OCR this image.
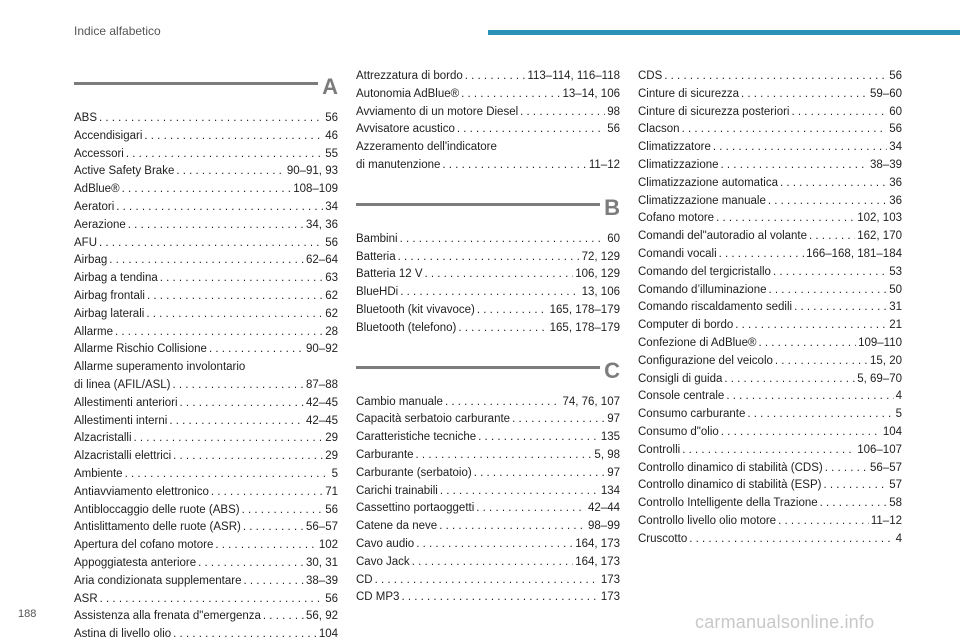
Indice alfabetico
A
ABS . . .	56
Accendisigari . . .	46
Accessori . . .	55
Active Safety Brake . . .	90–91, 93
AdBlue® . . .	108–109
Aeratori . . .	34
Aerazione . . .	34, 36
AFU . . .	56
Airbag . . .	62–64
Airbag a tendina . . .	63
Airbag frontali . . .	62
Airbag laterali . . .	62
Allarme . . .	28
Allarme Rischio Collisione . . .	90–92
Allarme superamento involontario
di linea (AFIL/ASL) . . .	87–88
Allestimenti anteriori . . .	42–45
Allestimenti interni . . .	42–45
Alzacristalli . . .	29
Alzacristalli elettrici . . .	29
Ambiente . . .	5
Antiavviamento elettronico . . .	71
Antibloccaggio delle ruote (ABS) . . .	56
Antislittamento delle ruote (ASR) . . .	56–57
Apertura del cofano motore . . .	102
Appoggiatesta anteriore . . .	30, 31
Aria condizionata supplementare . . .	38–39
ASR . . .	56
Assistenza alla frenata d"emergenza . . .	56, 92
Astina di livello olio . . .	104
Attrezzatura di bordo . . .	113–114, 116–118
Autonomia AdBlue® . . .	13–14, 106
Avviamento di un motore Diesel . . .	98
Avvisatore acustico . . .	56
Azzeramento dell'indicatore
di manutenzione . . .	11–12
B
Bambini . . .	60
Batteria . . .	72, 129
Batteria 12 V . . .	106, 129
BlueHDi . . .	13, 106
Bluetooth (kit vivavoce) . . .	165, 178–179
Bluetooth (telefono) . . .	165, 178–179
C
Cambio manuale . . .	74, 76, 107
Capacità serbatoio carburante . . .	97
Caratteristiche tecniche . . .	135
Carburante . . .	5, 98
Carburante (serbatoio) . . .	97
Carichi trainabili . . .	134
Cassettino portaoggetti . . .	42–44
Catene da neve . . .	98–99
Cavo audio . . .	164, 173
Cavo Jack . . .	164, 173
CD . . .	173
CD MP3 . . .	173
CDS . . .	56
Cinture di sicurezza . . .	59–60
Cinture di sicurezza posteriori . . .	60
Clacson . . .	56
Climatizzatore . . .	34
Climatizzazione . . .	38–39
Climatizzazione automatica . . .	36
Climatizzazione manuale . . .	36
Cofano motore . . .	102, 103
Comandi del"autoradio al volante . . .	162, 170
Comandi vocali . . .	166–168, 181–184
Comando del tergicristallo . . .	53
Comando d’illuminazione . . .	50
Comando riscaldamento sedili . . .	31
Computer di bordo . . .	21
Confezione di AdBlue® . . .	109–110
Configurazione del veicolo . . .	15, 20
Consigli di guida . . .	5, 69–70
Console centrale . . .	4
Consumo carburante . . .	5
Consumo d"olio . . .	104
Controlli . . .	106–107
Controllo dinamico di stabilità (CDS) . . .	56–57
Controllo dinamico di stabilità (ESP) . . .	57
Controllo Intelligente della Trazione . . .	58
Controllo livello olio motore . . .	11–12
Cruscotto . . .	4
188	carmanualsonline.info
